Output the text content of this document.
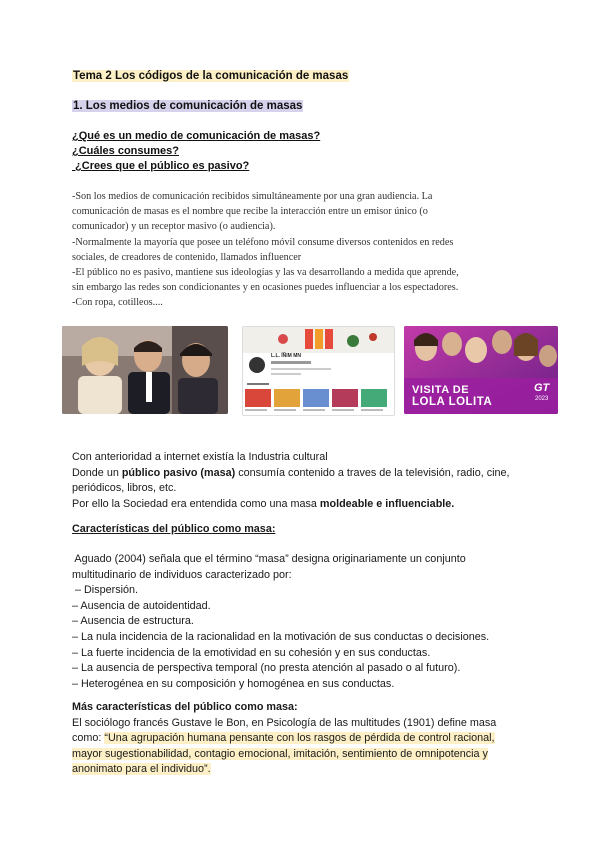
Tema 2 Los códigos de la comunicación de masas
1. Los medios de comunicación de masas
¿Qué es un medio de comunicación de masas?
¿Cuáles consumes?
¿Crees que el público es pasivo?
-Son los medios de comunicación recibidos simultáneamente por una gran audiencia. La
comunicación de masas es el nombre que recibe la interacción entre un emisor único (o
comunicador) y un receptor masivo (o audiencia).
-Normalmente la mayoría que posee un teléfono móvil consume diversos contenidos en redes
sociales, de creadores de contenido, llamados influencer
-El público no es pasivo, mantiene sus ideologías y las va desarrollando a medida que aprende,
sin embargo las redes son condicionantes y en ocasiones puedes influenciar a los espectadores.
-Con ropa, cotilleos....
L.L. ÍÑIM MN
VISITA DE
LOLA LOLITA
GT
2023
Con anterioridad a internet existía la Industria cultural
Donde un público pasivo (masa) consumía contenido a traves de la televisión, radio, cine,
periódicos, libros, etc.
Por ello la Sociedad era entendida como una masa moldeable e influenciable.
Características del público como masa:
Aguado (2004) señala que el término “masa” designa originariamente un conjunto
multitudinario de individuos caracterizado por:
– Dispersión.
– Ausencia de autoidentidad.
– Ausencia de estructura.
– La nula incidencia de la racionalidad en la motivación de sus conductas o decisiones.
– La fuerte incidencia de la emotividad en su cohesión y en sus conductas.
– La ausencia de perspectiva temporal (no presta atención al pasado o al futuro).
– Heterogénea en su composición y homogénea en sus conductas.
Más características del público como masa:
El sociólogo francés Gustave le Bon, en Psicología de las multitudes (1901) define masa
como: “Una agrupación humana pensante con los rasgos de pérdida de control racional,
mayor sugestionabilidad, contagio emocional, imitación, sentimiento de omnipotencia y
anonimato para el individuo”.
